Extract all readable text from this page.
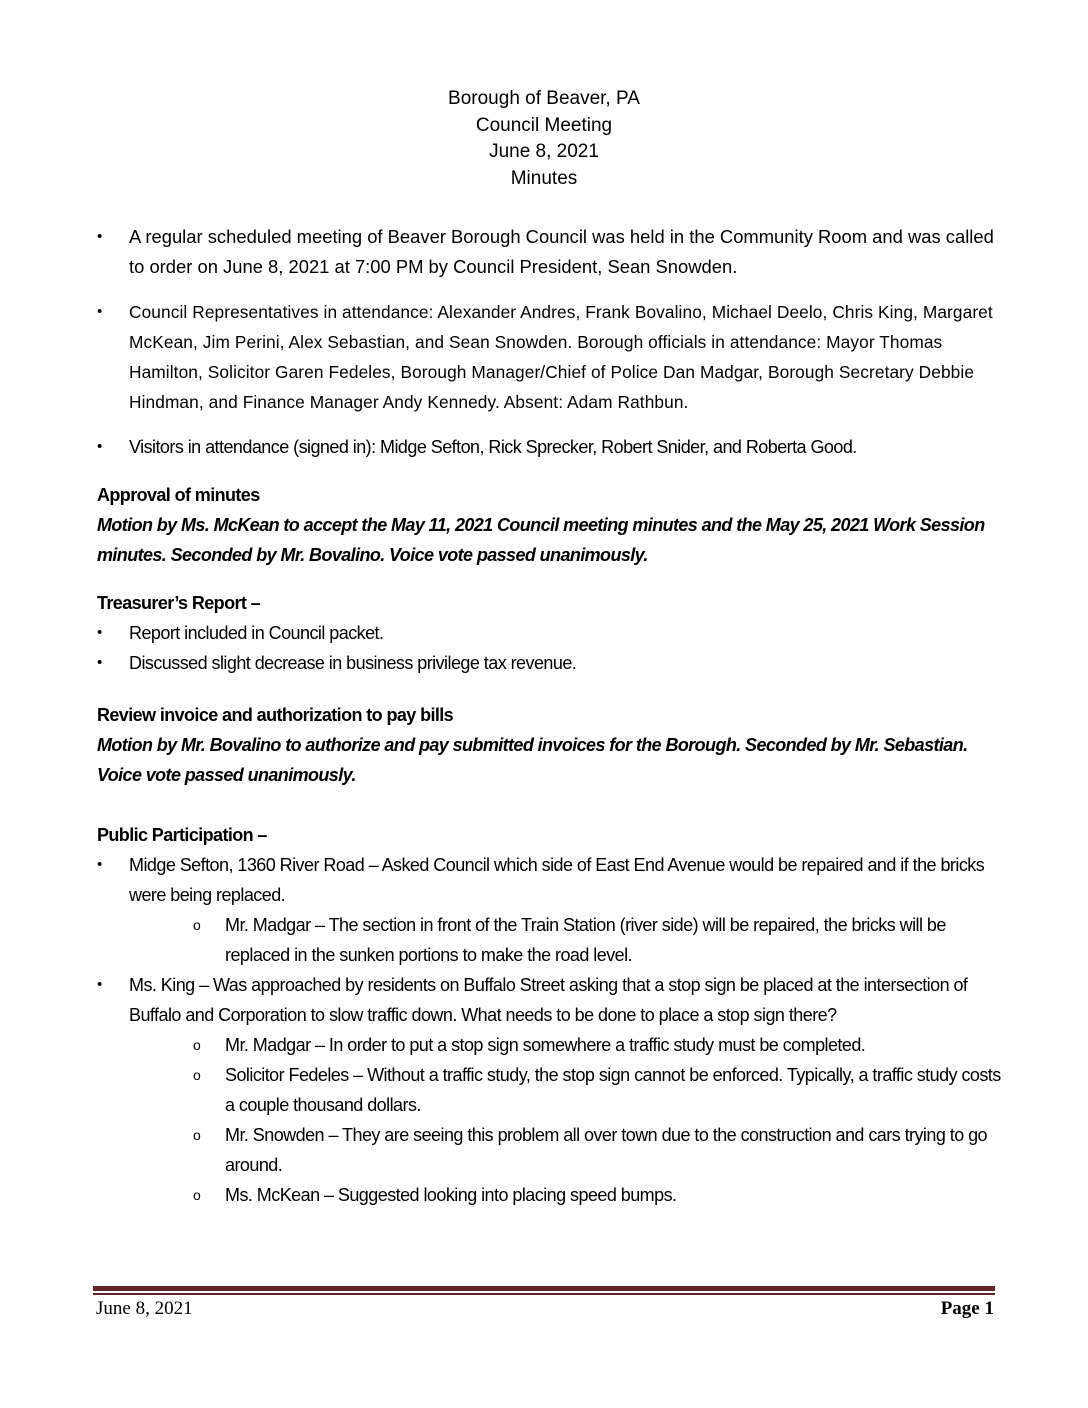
Borough of Beaver, PA
Council Meeting
June 8, 2021
Minutes
•	A regular scheduled meeting of Beaver Borough Council was held in the Community Room and was called to order on June 8, 2021 at 7:00 PM by Council President, Sean Snowden.
•	Council Representatives in attendance: Alexander Andres, Frank Bovalino, Michael Deelo, Chris King, Margaret McKean, Jim Perini, Alex Sebastian, and Sean Snowden. Borough officials in attendance: Mayor Thomas Hamilton, Solicitor Garen Fedeles, Borough Manager/Chief of Police Dan Madgar, Borough Secretary Debbie Hindman, and Finance Manager Andy Kennedy. Absent: Adam Rathbun.
•	Visitors in attendance (signed in): Midge Sefton, Rick Sprecker, Robert Snider, and Roberta Good.
Approval of minutes
Motion by Ms. McKean to accept the May 11, 2021 Council meeting minutes and the May 25, 2021 Work Session minutes. Seconded by Mr. Bovalino. Voice vote passed unanimously.
Treasurer’s Report –
•	Report included in Council packet.
•	Discussed slight decrease in business privilege tax revenue.
Review invoice and authorization to pay bills
Motion by Mr. Bovalino to authorize and pay submitted invoices for the Borough. Seconded by Mr. Sebastian. Voice vote passed unanimously.
Public Participation –
•	Midge Sefton, 1360 River Road – Asked Council which side of East End Avenue would be repaired and if the bricks were being replaced.
o Mr. Madgar – The section in front of the Train Station (river side) will be repaired, the bricks will be replaced in the sunken portions to make the road level.
•	Ms. King – Was approached by residents on Buffalo Street asking that a stop sign be placed at the intersection of Buffalo and Corporation to slow traffic down. What needs to be done to place a stop sign there?
o Mr. Madgar – In order to put a stop sign somewhere a traffic study must be completed.
o Solicitor Fedeles – Without a traffic study, the stop sign cannot be enforced. Typically, a traffic study costs a couple thousand dollars.
o Mr. Snowden – They are seeing this problem all over town due to the construction and cars trying to go around.
o Ms. McKean – Suggested looking into placing speed bumps.
June 8, 2021	Page 1
